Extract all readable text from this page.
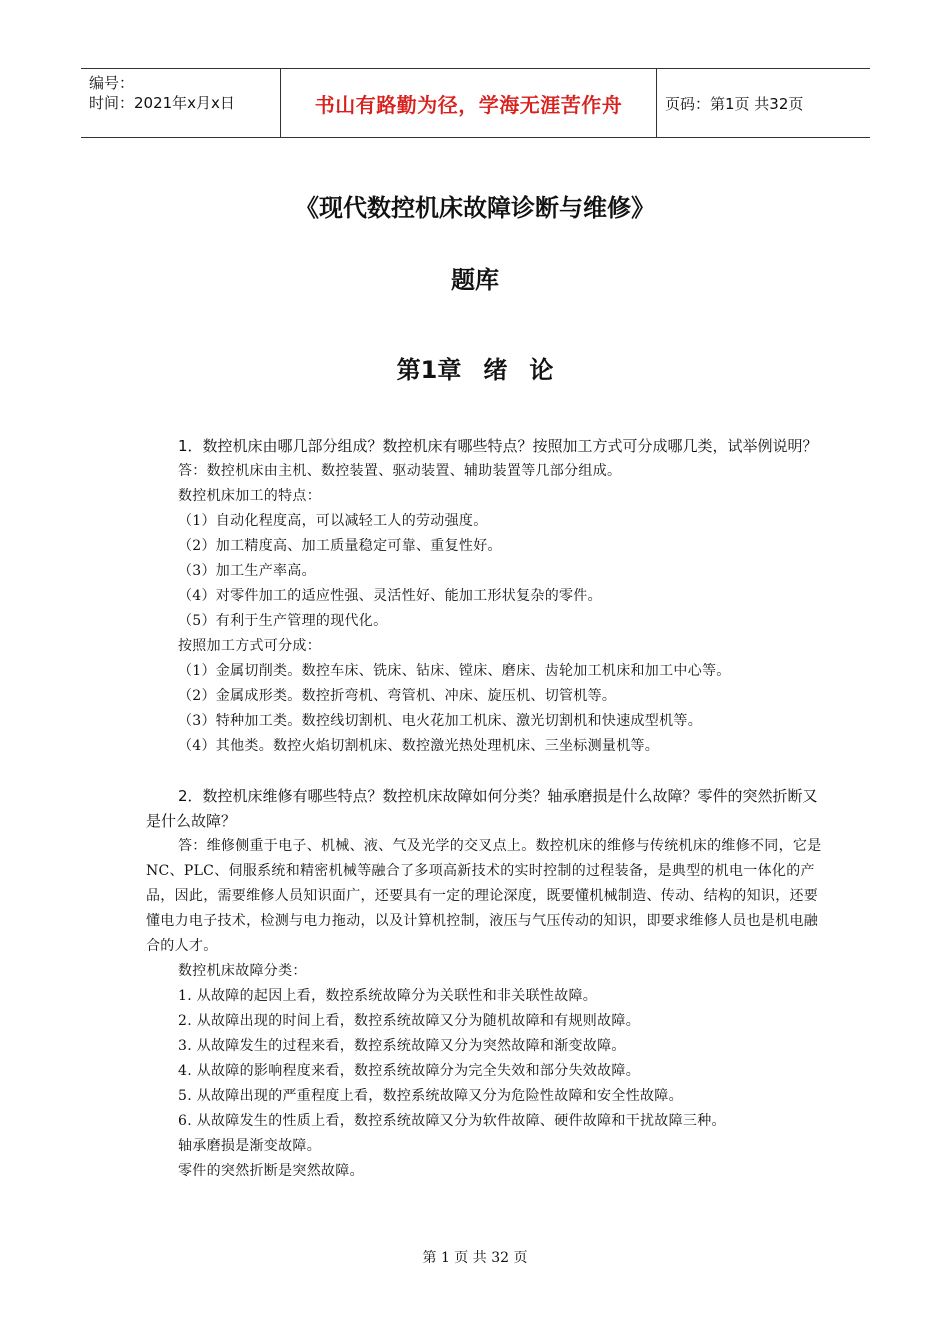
编号：
时间：2021年x月x日	书山有路勤为径，学海无涯苦作舟	页码：第1页 共32页
《现代数控机床故障诊断与维修》
题库
第1章 绪 论

1．数控机床由哪几部分组成？数控机床有哪些特点？按照加工方式可分成哪几类，试举例说明？

答：数控机床由主机、数控装置、驱动装置、辅助装置等几部分组成。

数控机床加工的特点：

（1）自动化程度高，可以减轻工人的劳动强度。

（2）加工精度高、加工质量稳定可靠、重复性好。

（3）加工生产率高。

（4）对零件加工的适应性强、灵活性好、能加工形状复杂的零件。

（5）有利于生产管理的现代化。

按照加工方式可分成：

（1）金属切削类。数控车床、铣床、钻床、镗床、磨床、齿轮加工机床和加工中心等。

（2）金属成形类。数控折弯机、弯管机、冲床、旋压机、切管机等。

（3）特种加工类。数控线切割机、电火花加工机床、激光切割机和快速成型机等。

（4）其他类。数控火焰切割机床、数控激光热处理机床、三坐标测量机等。

2．数控机床维修有哪些特点？数控机床故障如何分类？轴承磨损是什么故障？零件的突然折断又是什么故障？

答：维修侧重于电子、机械、液、气及光学的交叉点上。数控机床的维修与传统机床的维修不同，它是NC、PLC、伺服系统和精密机械等融合了多项高新技术的实时控制的过程装备，是典型的机电一体化的产品，因此，需要维修人员知识面广，还要具有一定的理论深度，既要懂机械制造、传动、结构的知识，还要懂电力电子技术，检测与电力拖动，以及计算机控制，液压与气压传动的知识，即要求维修人员也是机电融合的人才。

数控机床故障分类：

1. 从故障的起因上看，数控系统故障分为关联性和非关联性故障。

2. 从故障出现的时间上看，数控系统故障又分为随机故障和有规则故障。

3. 从故障发生的过程来看，数控系统故障又分为突然故障和渐变故障。

4. 从故障的影响程度来看，数控系统故障分为完全失效和部分失效故障。

5. 从故障出现的严重程度上看，数控系统故障又分为危险性故障和安全性故障。

6. 从故障发生的性质上看，数控系统故障又分为软件故障、硬件故障和干扰故障三种。

轴承磨损是渐变故障。

零件的突然折断是突然故障。

第 1 页 共 32 页
